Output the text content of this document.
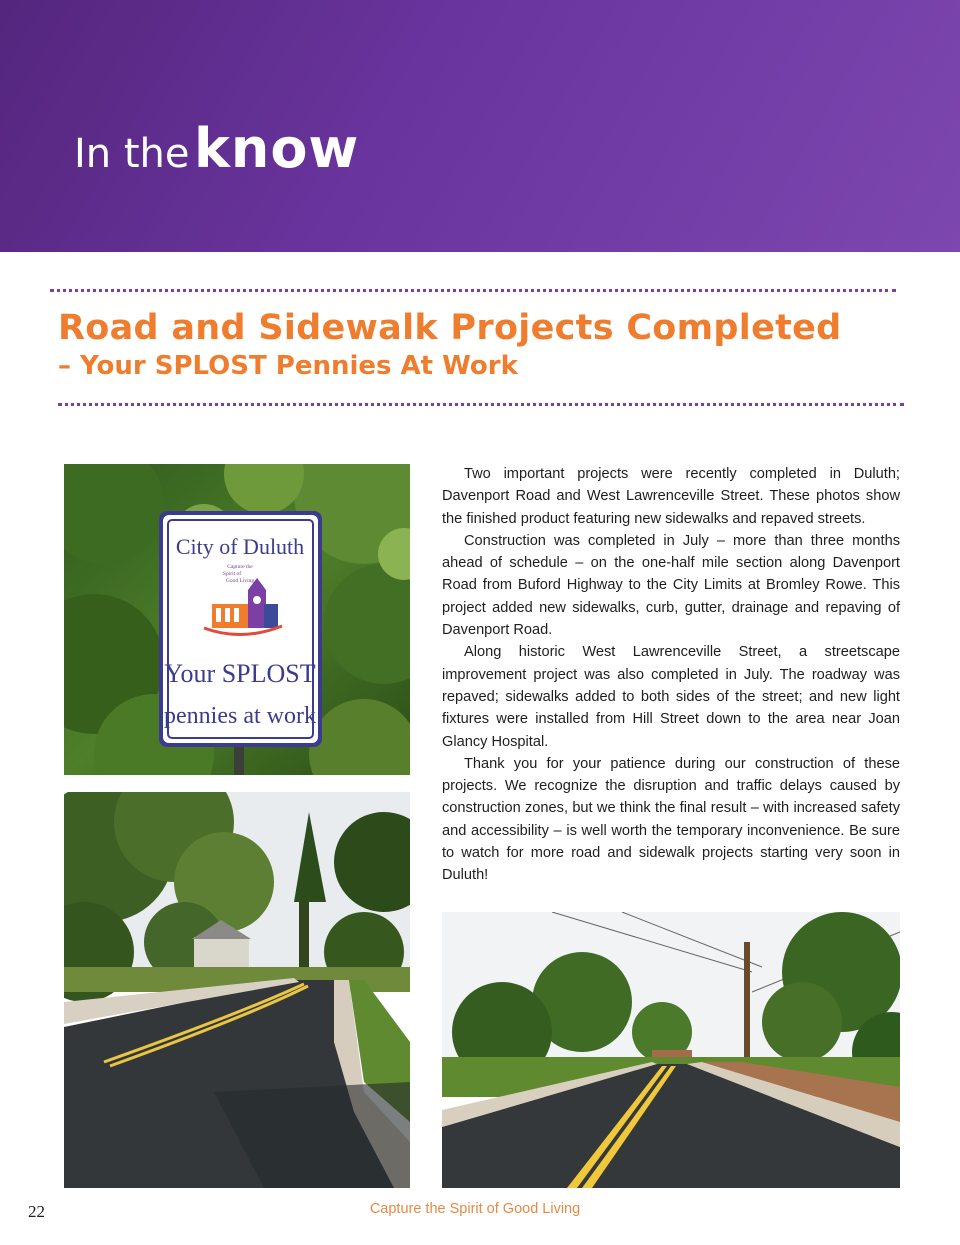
In the know
Road and Sidewalk Projects Completed
– Your SPLOST Pennies At Work
City of Duluth
Capture the
Spirit of
Good Living
Your SPLOST
pennies at work

Two important projects were recently completed in Duluth; Davenport Road and West Lawrenceville Street. These photos show the finished product featuring new sidewalks and repaved streets.

Construction was completed in July – more than three months ahead of schedule – on the one-half mile section along Davenport Road from Buford Highway to the City Limits at Bromley Rowe. This project added new sidewalks, curb, gutter, drainage and repaving of Davenport Road.

Along historic West Lawrenceville Street, a streetscape improvement project was also completed in July. The roadway was repaved; sidewalks added to both sides of the street; and new light fixtures were installed from Hill Street down to the area near Joan Glancy Hospital.

Thank you for your patience during our construction of these projects. We recognize the disruption and traffic delays caused by construction zones, but we think the final result – with increased safety and accessibility – is well worth the temporary inconvenience. Be sure to watch for more road and sidewalk projects starting very soon in Duluth!

22	Capture the Spirit of Good Living
